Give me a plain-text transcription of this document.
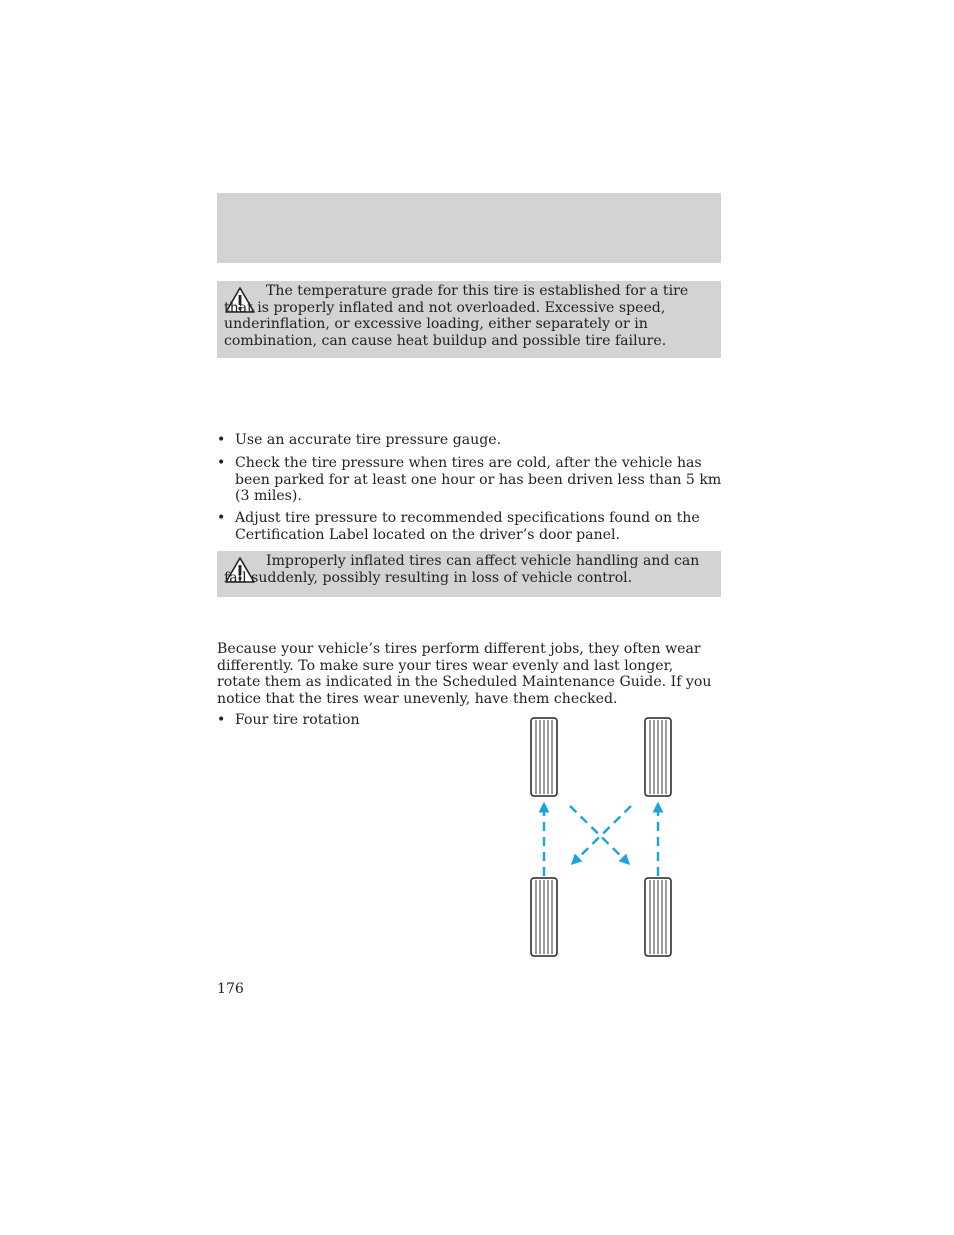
The temperature grade for this tire is established for a tire that is properly inflated and not overloaded. Excessive speed, underinflation, or excessive loading, either separately or in combination, can cause heat buildup and possible tire failure.

• Use an accurate tire pressure gauge.
• Check the tire pressure when tires are cold, after the vehicle has been parked for at least one hour or has been driven less than 5 km (3 miles).
• Adjust tire pressure to recommended specifications found on the Certification Label located on the driver’s door panel.

Improperly inflated tires can affect vehicle handling and can fail suddenly, possibly resulting in loss of vehicle control.

Because your vehicle’s tires perform different jobs, they often wear differently. To make sure your tires wear evenly and last longer, rotate them as indicated in the Scheduled Maintenance Guide. If you notice that the tires wear unevenly, have them checked.

• Four tire rotation
176
